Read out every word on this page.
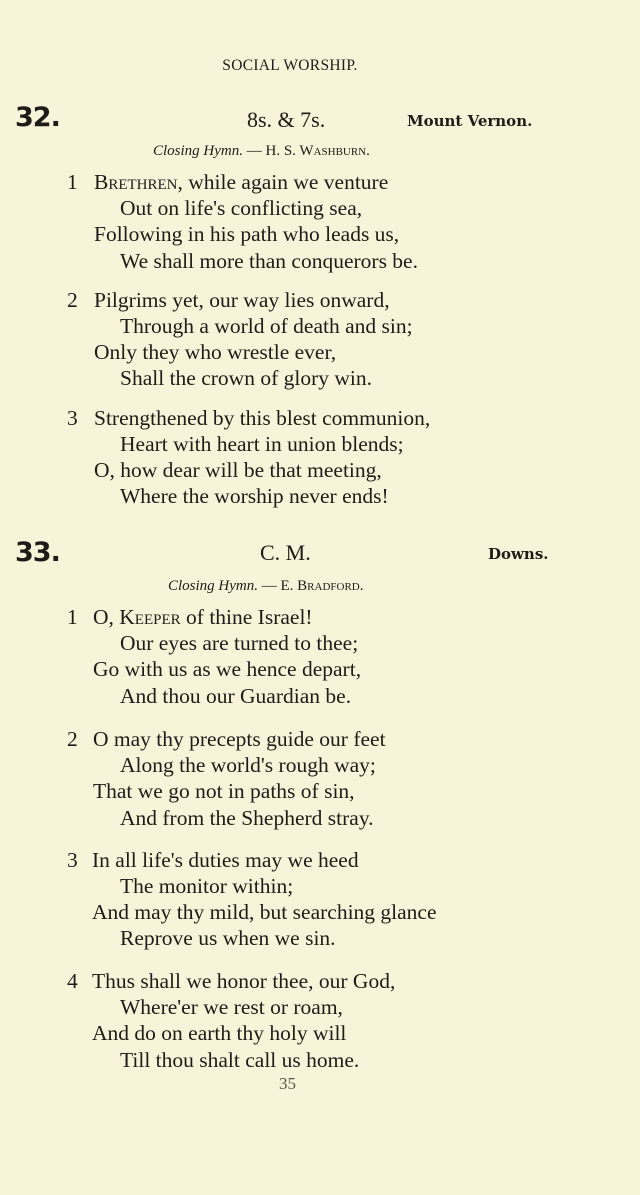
SOCIAL WORSHIP.
32.	8s. & 7s.	Mount Vernon.
Closing Hymn. — H. S. Washburn.
1 Brethren, while again we venture
Out on life's conflicting sea,
Following in his path who leads us,
We shall more than conquerors be.
2 Pilgrims yet, our way lies onward,
Through a world of death and sin;
Only they who wrestle ever,
Shall the crown of glory win.
3 Strengthened by this blest communion,
Heart with heart in union blends;
O, how dear will be that meeting,
Where the worship never ends!
33.	C. M.	Downs.
Closing Hymn. — E. Bradford.
1 O, Keeper of thine Israel!
Our eyes are turned to thee;
Go with us as we hence depart,
And thou our Guardian be.
2 O may thy precepts guide our feet
Along the world's rough way;
That we go not in paths of sin,
And from the Shepherd stray.
3 In all life's duties may we heed
The monitor within;
And may thy mild, but searching glance
Reprove us when we sin.
4 Thus shall we honor thee, our God,
Where'er we rest or roam,
And do on earth thy holy will
Till thou shalt call us home.
35
